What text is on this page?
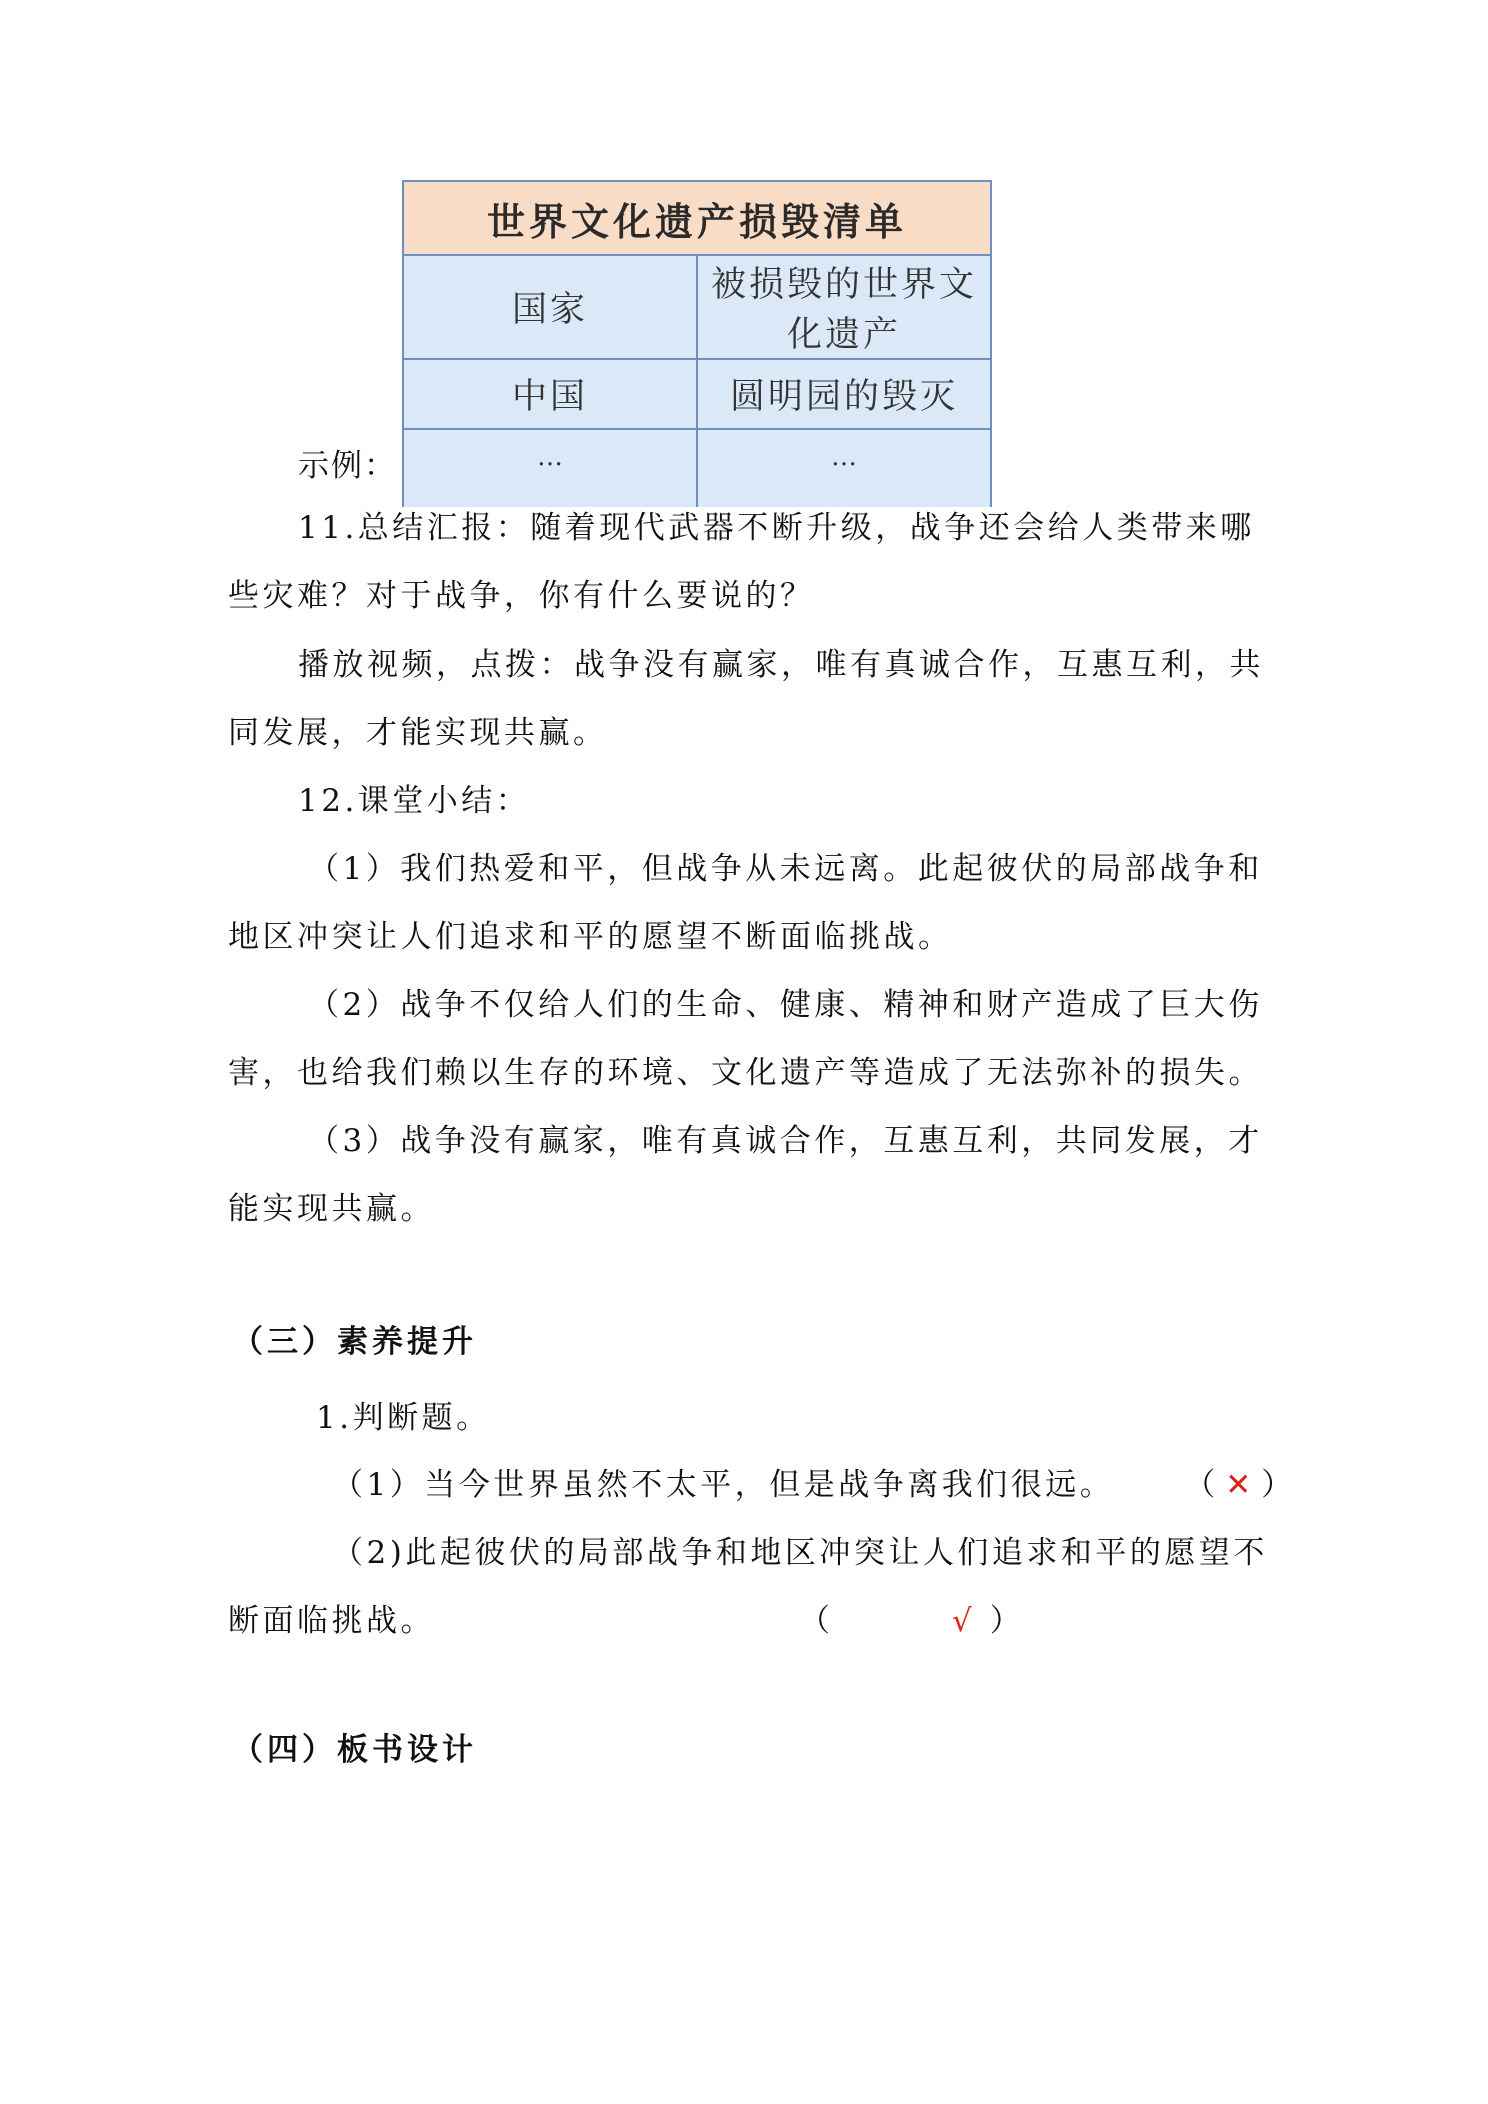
示例：
世界文化遗产损毁清单	
国家	被损毁的世界文化遗产
中国	圆明园的毁灭
…	…

11.总结汇报：随着现代武器不断升级，战争还会给人类带来哪些灾难？对于战争，你有什么要说的？

播放视频，点拨：战争没有赢家，唯有真诚合作，互惠互利，共同发展，才能实现共赢。

12.课堂小结：

（1）我们热爱和平，但战争从未远离。此起彼伏的局部战争和地区冲突让人们追求和平的愿望不断面临挑战。

（2）战争不仅给人们的生命、健康、精神和财产造成了巨大伤害，也给我们赖以生存的环境、文化遗产等造成了无法弥补的损失。

（3）战争没有赢家，唯有真诚合作，互惠互利，共同发展，才能实现共赢。

（三）素养提升

1.判断题。

（1）当今世界虽然不太平，但是战争离我们很远。 （ ✕ ）

（2)此起彼伏的局部战争和地区冲突让人们追求和平的愿望不断面临挑战。	（	√ ）

（四）板书设计
